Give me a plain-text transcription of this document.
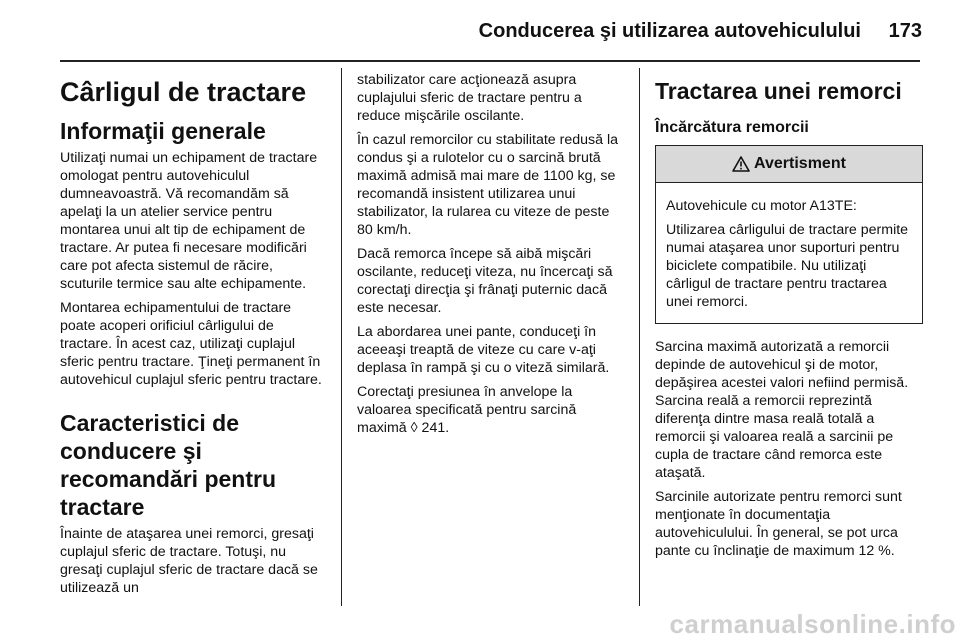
Conducerea şi utilizarea autovehiculului 173
Cârligul de tractare
Informaţii generale

Utilizaţi numai un echipament de tractare omologat pentru autovehiculul dumneavoastră. Vă recomandăm să apelaţi la un atelier service pentru montarea unui alt tip de echipament de tractare. Ar putea fi necesare modificări care pot afecta sistemul de răcire, scuturile termice sau alte echipamente.

Montarea echipamentului de tractare poate acoperi orificiul cârligului de tractare. În acest caz, utilizaţi cuplajul sferic pentru tractare. Ţineţi permanent în autovehicul cuplajul sferic pentru tractare.

Caracteristici de conducere şi recomandări pentru tractare

Înainte de ataşarea unei remorci, gresaţi cuplajul sferic de tractare. Totuşi, nu gresaţi cuplajul sferic de tractare dacă se utilizează un

stabilizator care acţionează asupra cuplajului sferic de tractare pentru a reduce mişcările oscilante.

În cazul remorcilor cu stabilitate redusă la condus şi a rulotelor cu o sarcină brută maximă admisă mai mare de 1100 kg, se recomandă insistent utilizarea unui stabilizator, la rularea cu viteze de peste 80 km/h.

Dacă remorca începe să aibă mişcări oscilante, reduceţi viteza, nu încercaţi să corectaţi direcţia şi frânaţi puternic dacă este necesar.

La abordarea unei pante, conduceţi în aceeaşi treaptă de viteze cu care v-aţi deplasa în rampă şi cu o viteză similară.

Corectaţi presiunea în anvelope la valoarea specificată pentru sarcină maximă ◊ 241.

Tractarea unei remorci
Încărcătura remorcii
Avertisment

Autovehicule cu motor A13TE:

Utilizarea cârligului de tractare permite numai ataşarea unor suporturi pentru biciclete compatibile. Nu utilizaţi cârligul de tractare pentru tractarea unei remorci.

Sarcina maximă autorizată a remorcii depinde de autovehicul şi de motor, depăşirea acestei valori nefiind permisă. Sarcina reală a remorcii reprezintă diferenţa dintre masa reală totală a remorcii şi valoarea reală a sarcinii pe cupla de tractare când remorca este ataşată.

Sarcinile autorizate pentru remorci sunt menţionate în documentaţia autovehiculului. În general, se pot urca pante cu înclinaţie de maximum 12 %.

carmanualsonline.info
